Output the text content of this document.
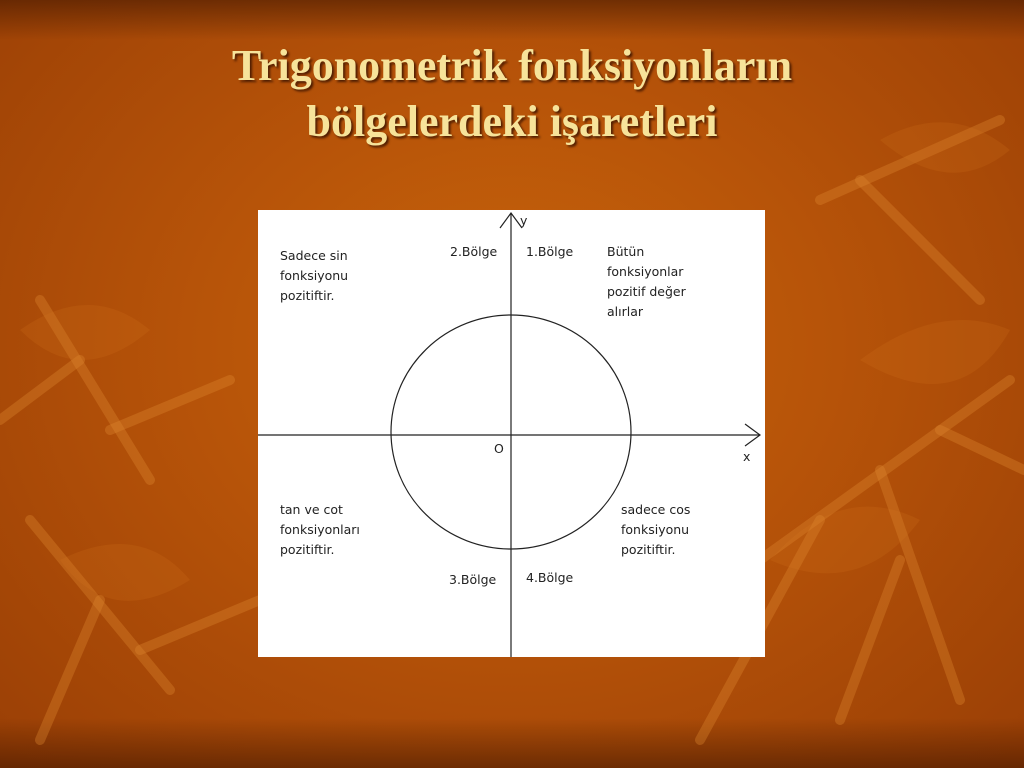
Trigonometrik fonksiyonların
bölgelerdeki işaretleri
x
y
O
1.Bölge
2.Bölge
3.Bölge 4.Bölge
Bütün
fonksiyonlar
pozitif değer
alırlar
Sadece sin
fonksiyonu
pozitiftir.
tan ve cot
fonksiyonları
pozitiftir.
sadece cos
fonksiyonu
pozitiftir.
